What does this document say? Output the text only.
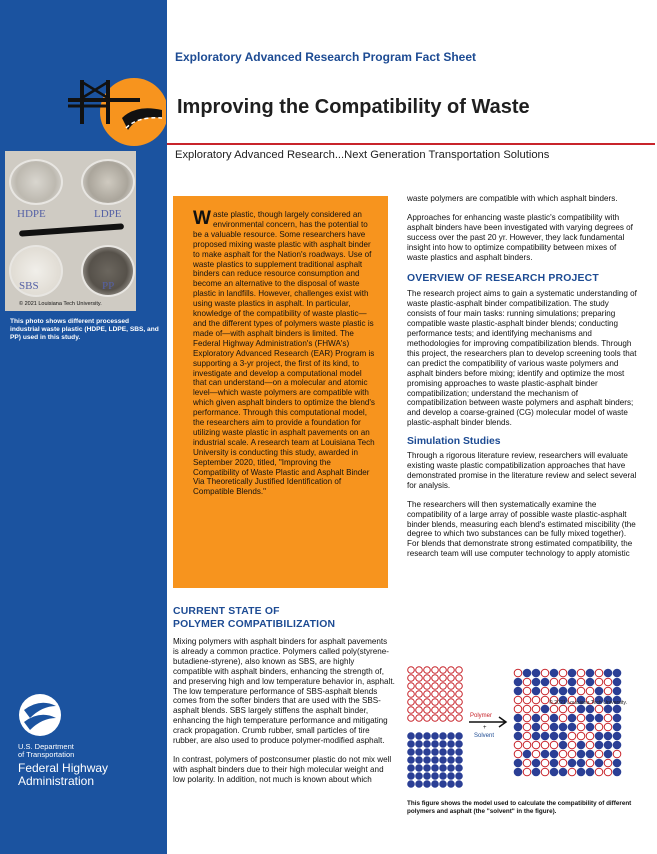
Exploratory Advanced Research Program Fact Sheet
Improving the Compatibility of Waste
Exploratory Advanced Research...Next Generation Transportation Solutions
HDPE	LDPE
SBS	PP
© 2021 Louisiana Tech University.
This photo shows different processed industrial waste plastic (HDPE, LDPE, SBS, and PP) used in this study.
U.S. Department
of Transportation
Federal Highway
Administration
Waste plastic, though largely considered an environmental concern, has the potential to be a valuable resource. Some researchers have proposed mixing waste plastic with asphalt binder to make asphalt for the Nation's roadways. Use of waste plastics to supplement traditional asphalt binders can reduce resource consumption and become an alternative to the disposal of waste plastic in landfills. However, challenges exist with using waste plastics in asphalt. In particular, knowledge of the compatibility of waste plastic—and the different types of polymers waste plastic is made of—with asphalt binders is limited. The Federal Highway Administration's (FHWA's) Exploratory Advanced Research (EAR) Program is supporting a 3-yr project, the first of its kind, to investigate and develop a computational model that can understand—on a molecular and atomic level—which waste polymers are compatible with which given asphalt binders to optimize the blend's performance. Through this computational model, the researchers aim to provide a foundation for utilizing waste plastic in asphalt pavements on an industrial scale. A research team at Louisiana Tech University is conducting this study, awarded in September 2020, titled, "Improving the Compatibility of Waste Plastic and Asphalt Binder Via Theoretically Justified Identification of Compatible Blends."
CURRENT STATE OF
POLYMER COMPATIBILIZATION

Mixing polymers with asphalt binders for asphalt pavements is already a common practice. Polymers called poly(styrene-butadiene-styrene), also known as SBS, are highly compatible with asphalt binders, enhancing the strength of, and preserving high and low temperature behavior in, asphalt. The low temperature performance of SBS-asphalt blends comes from the softer binders that are used with the SBS-asphalt blends. SBS largely stiffens the asphalt binder, enhancing the high temperature performance and mitigating crack propagation. Crumb rubber, small particles of tire rubber, are also used to produce polymer-modified asphalt.

In contrast, polymers of postconsumer plastic do not mix well with asphalt binders due to their high molecular weight and low polarity. In addition, not much is known about which

waste polymers are compatible with which asphalt binders.

Approaches for enhancing waste plastic's compatibility with asphalt binders have been investigated with varying degrees of success over the past 20 yr. However, they lack fundamental insight into how to optimize compatibility between mixes of waste plastics and asphalt binders.

OVERVIEW OF RESEARCH PROJECT

The research project aims to gain a systematic understanding of waste plastic-asphalt binder compatibilization. The study consists of four main tasks: running simulations; preparing compatible waste plastic-asphalt binder blends; conducting performance tests; and identifying mechanisms and methodologies for improving compatibilization blends. Through this project, the researchers plan to develop screening tools that can predict the compatibility of various waste polymers and asphalt binders before mixing; identify and optimize the most promising approaches to waste plastic-asphalt binder compatibilization; understand the mechanism of compatibilization between waste polymers and asphalt binders; and develop a coarse-grained (CG) molecular model of waste plastic-asphalt binder blends.

Simulation Studies

Through a rigorous literature review, researchers will evaluate existing waste plastic compatibilization approaches that have demonstrated promise in the literature review and select several for analysis.

The researchers will then systematically examine the compatibility of a large array of possible waste plastic-asphalt binder blends, measuring each blend's estimated miscibility (the degree to which two substances can be fully mixed together). For blends that demonstrate strong estimated compatibility, the research team will use computer technology to apply atomistic

+
Polymer
Solvent
© 2021 Louisiana Tech University.
This figure shows the model used to calculate the compatibility of different polymers and asphalt (the "solvent" in the figure).
